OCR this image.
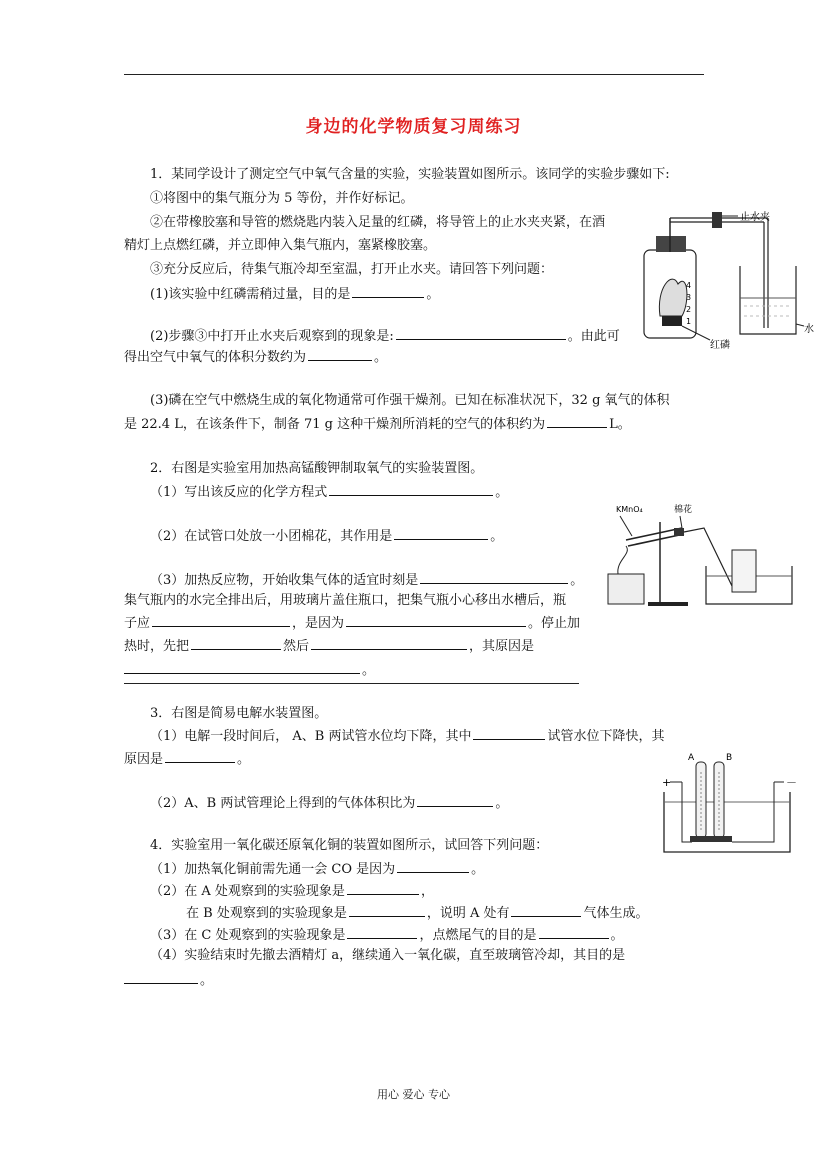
身边的化学物质复习周练习
1．某同学设计了测定空气中氧气含量的实验，实验装置如图所示。该同学的实验步骤如下:
①将图中的集气瓶分为 5 等份，并作好标记。
②在带橡胶塞和导管的燃烧匙内装入足量的红磷，将导管上的止水夹夹紧，在酒
精灯上点燃红磷，并立即伸入集气瓶内，塞紧橡胶塞。
③充分反应后，待集气瓶冷却至室温，打开止水夹。请回答下列问题：
(1)该实验中红磷需稍过量，目的是	。
(2)步骤③中打开止水夹后观察到的现象是:	。由此可
得出空气中氧气的体积分数约为	。
(3)磷在空气中燃烧生成的氧化物通常可作强干燥剂。已知在标准状况下，32 g 氧气的体积
是 22.4 L，在该条件下，制备 71 g 这种干燥剂所消耗的空气的体积约为	L。
4
3
2
1
红磷
止水夹
水
2．右图是实验室用加热高锰酸钾制取氧气的实验装置图。
（1）写出该反应的化学方程式	。
（2）在试管口处放一小团棉花，其作用是	。
（3）加热反应物，开始收集气体的适宜时刻是	。
集气瓶内的水完全排出后，用玻璃片盖住瓶口，把集气瓶小心移出水槽后，瓶
子应	，是因为	。停止加
热时，先把	然后	，其原因是
。
KMnO₄	棉花
3．右图是简易电解水装置图。
（1）电解一段时间后， A、B 两试管水位均下降，其中	试管水位下降快，其
原因是	。
（2）A、B 两试管理论上得到的气体体积比为	。
A	B
+	－
4．实验室用一氧化碳还原氧化铜的装置如图所示，试回答下列问题：
（1）加热氧化铜前需先通一会 CO 是因为	。
（2）在 A 处观察到的实验现象是	，
在 B 处观察到的实验现象是	，说明 A 处有	气体生成。
（3）在 C 处观察到的实验现象是	，点燃尾气的目的是	。
（4）实验结束时先撤去酒精灯 a，继续通入一氧化碳，直至玻璃管冷却，其目的是
。
用心 爱心 专心
